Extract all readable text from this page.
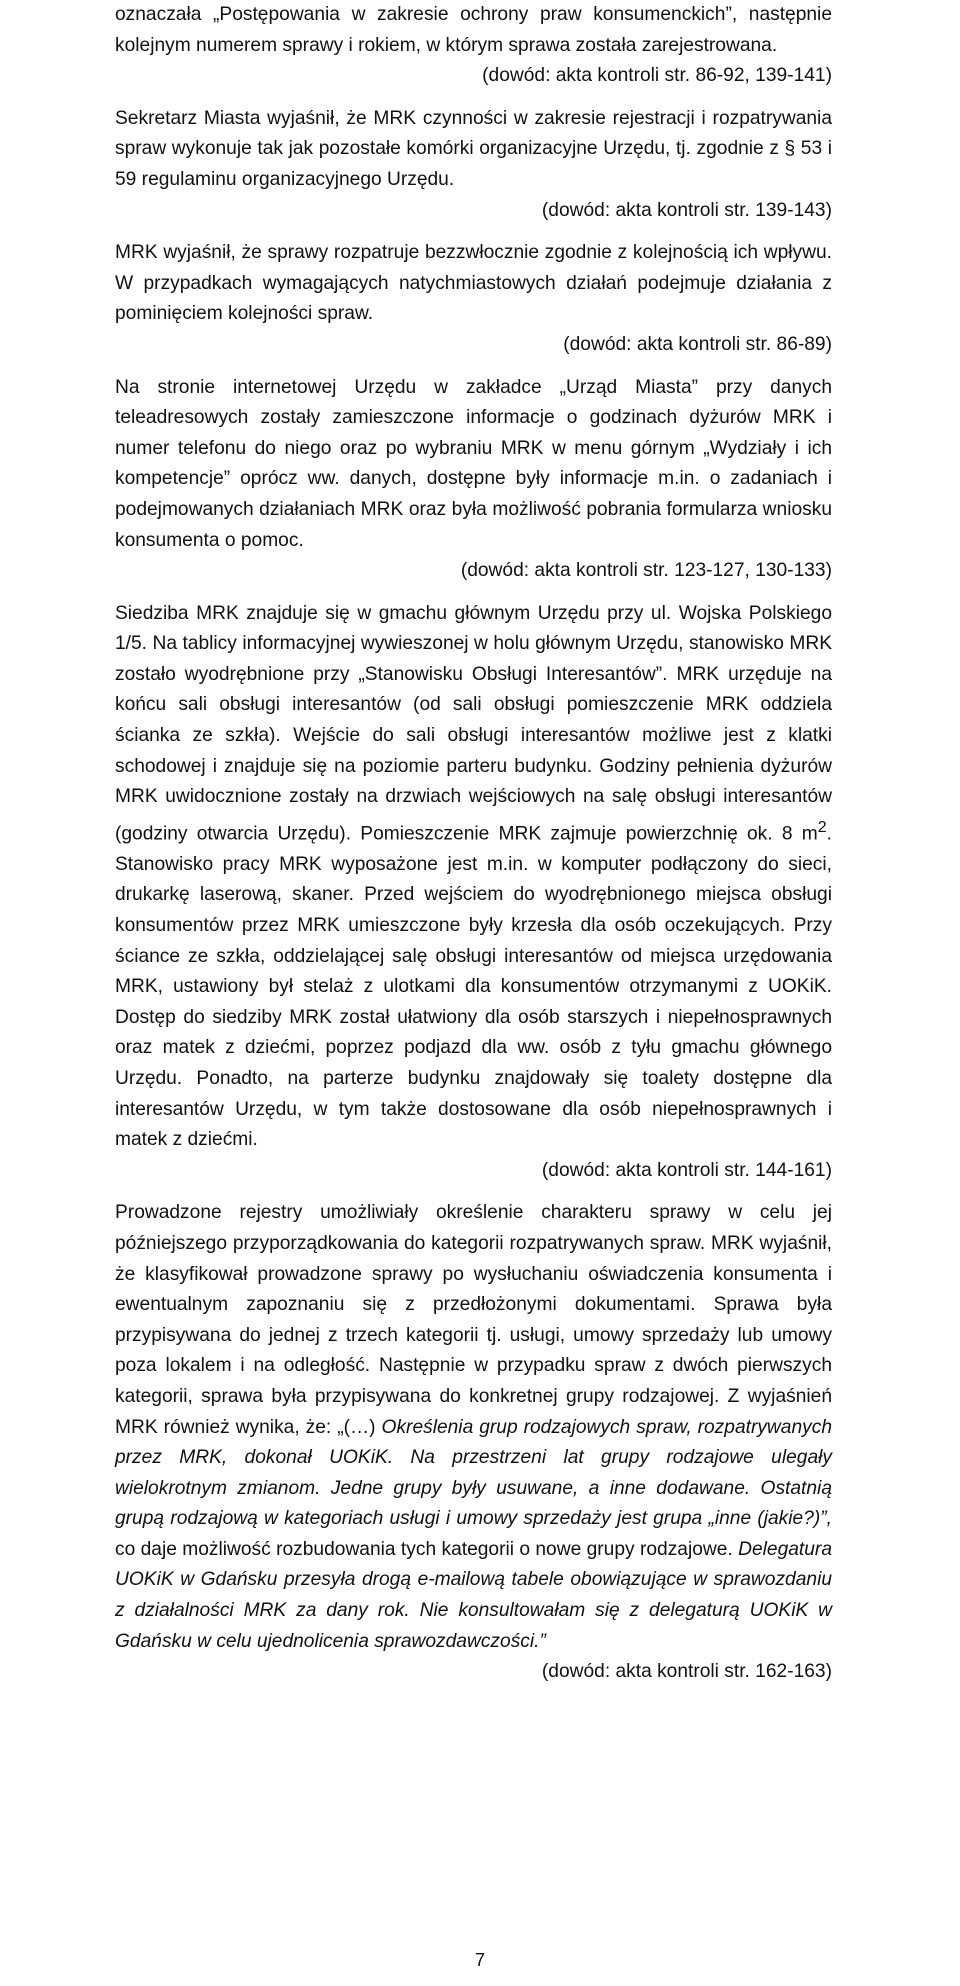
oznaczała „Postępowania w zakresie ochrony praw konsumenckich”, następnie kolejnym numerem sprawy i rokiem, w którym sprawa została zarejestrowana.
(dowód: akta kontroli str. 86-92, 139-141)

Sekretarz Miasta wyjaśnił, że MRK czynności w zakresie rejestracji i rozpatrywania spraw wykonuje tak jak pozostałe komórki organizacyjne Urzędu, tj. zgodnie z § 53 i 59 regulaminu organizacyjnego Urzędu.
(dowód: akta kontroli str. 139-143)

MRK wyjaśnił, że sprawy rozpatruje bezzwłocznie zgodnie z kolejnością ich wpływu. W przypadkach wymagających natychmiastowych działań podejmuje działania z pominięciem kolejności spraw.
(dowód: akta kontroli str. 86-89)

Na stronie internetowej Urzędu w zakładce „Urząd Miasta” przy danych teleadresowych zostały zamieszczone informacje o godzinach dyżurów MRK i numer telefonu do niego oraz po wybraniu MRK w menu górnym „Wydziały i ich kompetencje” oprócz ww. danych, dostępne były informacje m.in. o zadaniach i podejmowanych działaniach MRK oraz była możliwość pobrania formularza wniosku konsumenta o pomoc.
(dowód: akta kontroli str. 123-127, 130-133)

Siedziba MRK znajduje się w gmachu głównym Urzędu przy ul. Wojska Polskiego 1/5. Na tablicy informacyjnej wywieszonej w holu głównym Urzędu, stanowisko MRK zostało wyodrębnione przy „Stanowisku Obsługi Interesantów”. MRK urzęduje na końcu sali obsługi interesantów (od sali obsługi pomieszczenie MRK oddziela ścianka ze szkła). Wejście do sali obsługi interesantów możliwe jest z klatki schodowej i znajduje się na poziomie parteru budynku. Godziny pełnienia dyżurów MRK uwidocznione zostały na drzwiach wejściowych na salę obsługi interesantów (godziny otwarcia Urzędu). Pomieszczenie MRK zajmuje powierzchnię ok. 8 $m^2$. Stanowisko pracy MRK wyposażone jest m.in. w komputer podłączony do sieci, drukarkę laserową, skaner. Przed wejściem do wyodrębnionego miejsca obsługi konsumentów przez MRK umieszczone były krzesła dla osób oczekujących. Przy ściance ze szkła, oddzielającej salę obsługi interesantów od miejsca urzędowania MRK, ustawiony był stelaż z ulotkami dla konsumentów otrzymanymi z UOKiK. Dostęp do siedziby MRK został ułatwiony dla osób starszych i niepełnosprawnych oraz matek z dziećmi, poprzez podjazd dla ww. osób z tyłu gmachu głównego Urzędu. Ponadto, na parterze budynku znajdowały się toalety dostępne dla interesantów Urzędu, w tym także dostosowane dla osób niepełnosprawnych i matek z dziećmi.
(dowód: akta kontroli str. 144-161)

Prowadzone rejestry umożliwiały określenie charakteru sprawy w celu jej późniejszego przyporządkowania do kategorii rozpatrywanych spraw. MRK wyjaśnił, że klasyfikował prowadzone sprawy po wysłuchaniu oświadczenia konsumenta i ewentualnym zapoznaniu się z przedłożonymi dokumentami. Sprawa była przypisywana do jednej z trzech kategorii tj. usługi, umowy sprzedaży lub umowy poza lokalem i na odległość. Następnie w przypadku spraw z dwóch pierwszych kategorii, sprawa była przypisywana do konkretnej grupy rodzajowej. Z wyjaśnień MRK również wynika, że: „(…) Określenia grup rodzajowych spraw, rozpatrywanych przez MRK, dokonał UOKiK. Na przestrzeni lat grupy rodzajowe ulegały wielokrotnym zmianom. Jedne grupy były usuwane, a inne dodawane. Ostatnią grupą rodzajową w kategoriach usługi i umowy sprzedaży jest grupa „inne (jakie?)”, co daje możliwość rozbudowania tych kategorii o nowe grupy rodzajowe. Delegatura UOKiK w Gdańsku przesyła drogą e-mailową tabele obowiązujące w sprawozdaniu z działalności MRK za dany rok. Nie konsultowałam się z delegaturą UOKiK w Gdańsku w celu ujednolicenia sprawozdawczości.”
(dowód: akta kontroli str. 162-163)

7
